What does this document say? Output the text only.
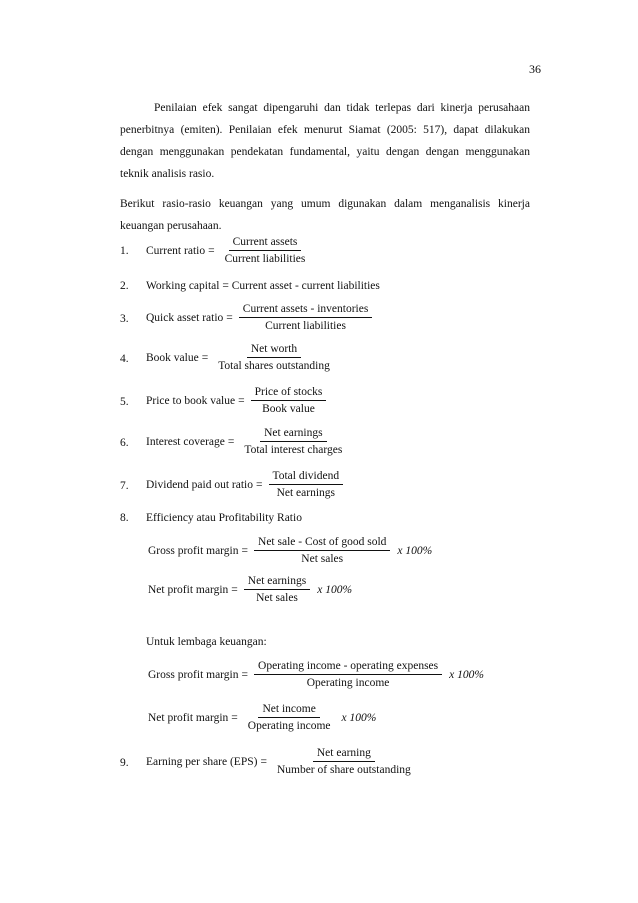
36

Penilaian efek sangat dipengaruhi dan tidak terlepas dari kinerja perusahaan penerbitnya (emiten). Penilaian efek menurut Siamat (2005: 517), dapat dilakukan dengan menggunakan pendekatan fundamental, yaitu dengan dengan menggunakan teknik analisis rasio.

Berikut rasio-rasio keuangan yang umum digunakan dalam menganalisis kinerja keuangan perusahaan.

1. Current ratio = $\frac{\text{Current assets}}{\text{Current liabilities}}$
2. Working capital = Current asset - current liabilities
3. Quick asset ratio = $\frac{\text{Current assets - inventories}}{\text{Current liabilities}}$
4. Book value = $\frac{\text{Net worth}}{\text{Total shares outstanding}}$
5. Price to book value = $\frac{\text{Price of stocks}}{\text{Book value}}$
6. Interest coverage = $\frac{\text{Net earnings}}{\text{Total interest charges}}$
7. Dividend paid out ratio = $\frac{\text{Total dividend}}{\text{Net earnings}}$
8. Efficiency atau Profitability Ratio
Gross profit margin = $\frac{\text{Net sale - Cost of good sold}}{\text{Net sales}}$ x 100%
Net profit margin = $\frac{\text{Net earnings}}{\text{Net sales}}$ x 100%
Untuk lembaga keuangan:
Gross profit margin = $\frac{\text{Operating income - operating expenses}}{\text{Operating income}}$ x 100%
Net profit margin = $\frac{\text{Net income}}{\text{Operating income}}$ x 100%
9. Earning per share $(EPS) = \frac{\text{Net earning}}{\text{Number of share outstanding}}$
